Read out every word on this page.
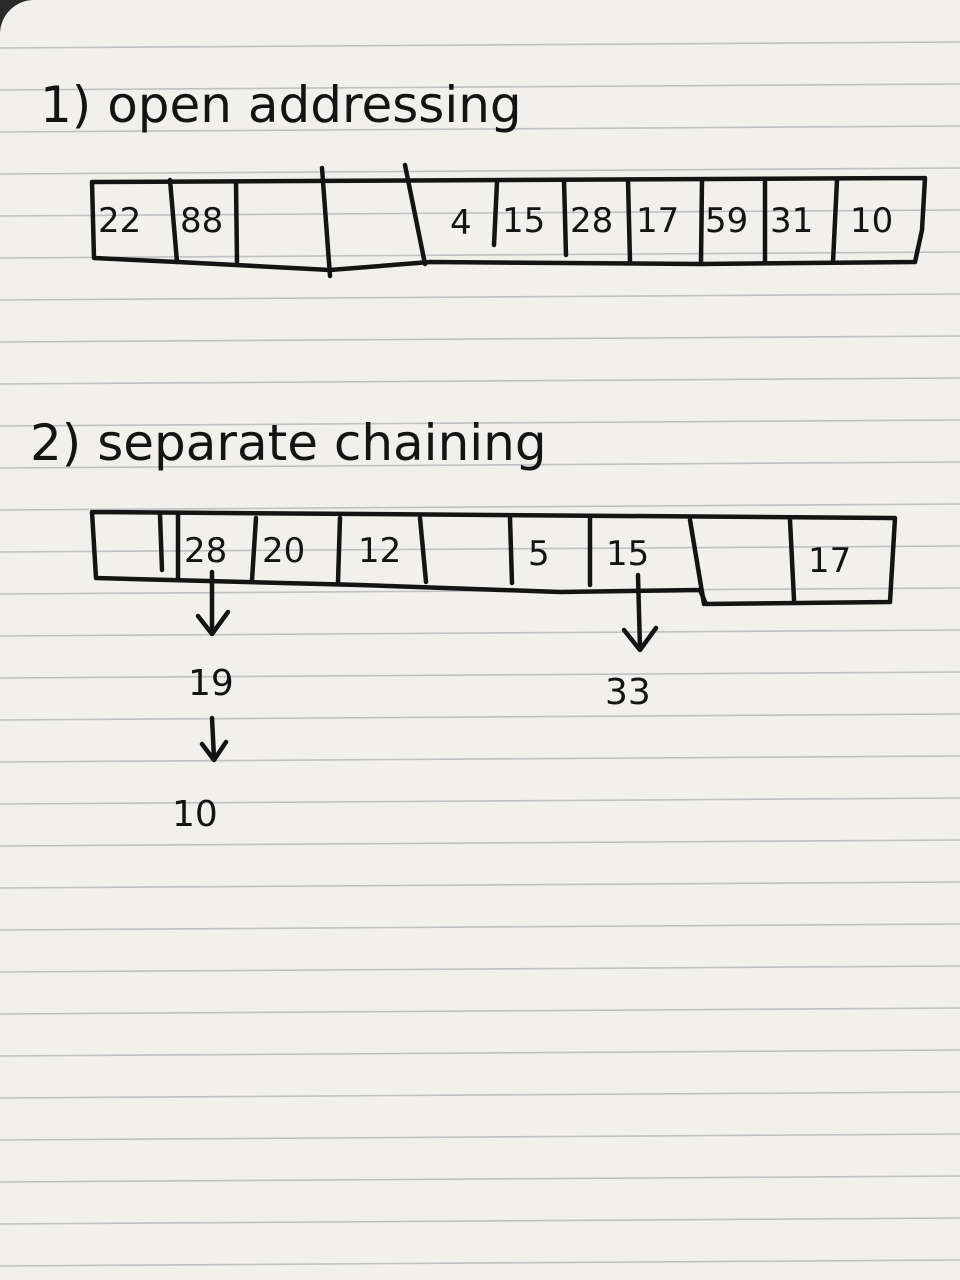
1) open addressing
22 88	4 15 28 17 59 31 10
2) separate chaining
28 20 12	5 15	17
19
10
33
